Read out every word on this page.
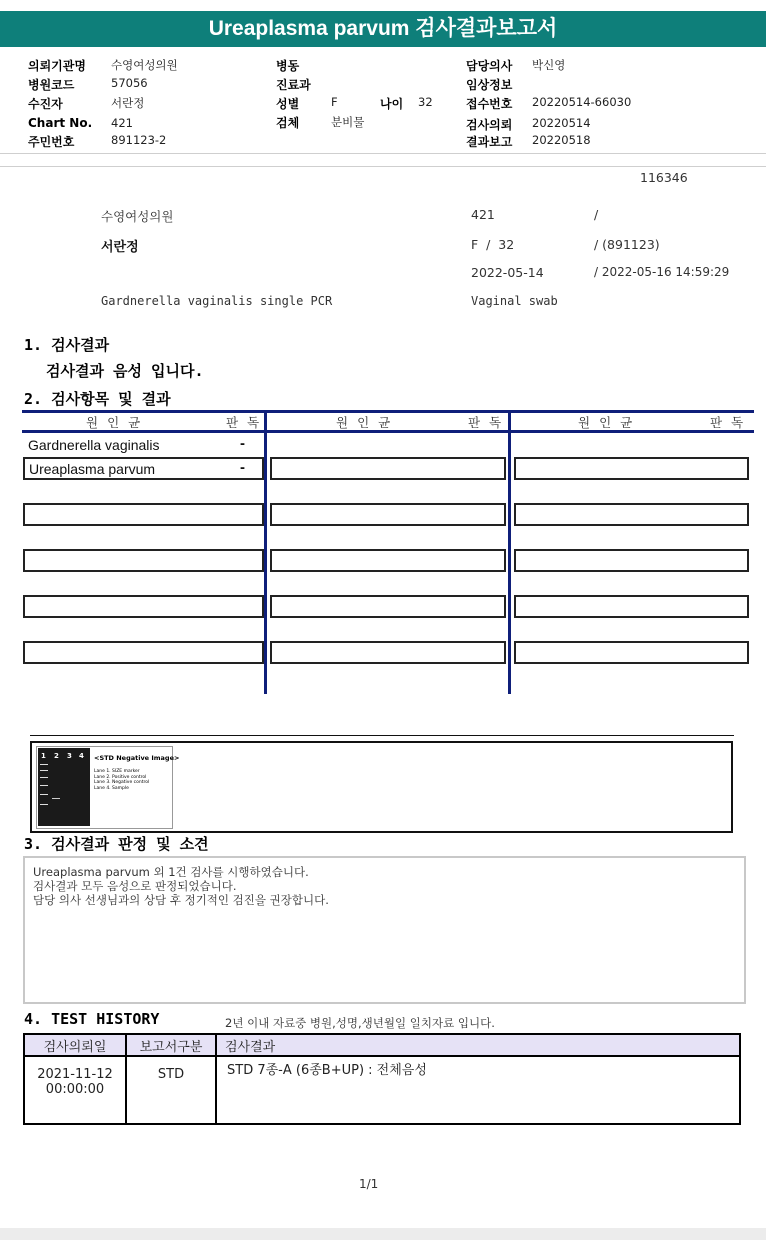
Ureaplasma parvum 검사결과보고서
의뢰기관명 수영여성의원
병원코드	57056
수진자	서란정
Chart No. 421
주민번호	891123-2
병동
진료과
성별	F	나이 32
검체	분비물
담당의사 박신영
임상정보
접수번호 20220514-66030
검사의뢰 20220514
결과보고 20220518
116346
수영여성의원	421	/
서란정	F  /  32	/ (891123)
2022-05-14	/ 2022-05-16 14:59:29
Gardnerella vaginalis single PCR	Vaginal swab
1. 검사결과
검사결과 음성 입니다.
2. 검사항목 및 결과
원인균	판독	원인균	판독	원인균	판독
Gardnerella vaginalis	-
Ureaplasma parvum	-
1 2 3 4 <STD Negative Image>
Lane 1. SIZE marker
Lane 2. Positive control
Lane 3. Negative control
Lane 4. Sample
3. 검사결과 판정 및 소견
Ureaplasma parvum 외 1건 검사를 시행하였습니다.
검사결과 모두 음성으로 판정되었습니다.
담당 의사 선생님과의 상담 후 정기적인 검진을 권장합니다.
4. TEST HISTORY	2년 이내 자료중 병원,성명,생년월일 일치자료 입니다.
검사의뢰일	보고서구분	검사결과

2021-11-12
00:00:00	STD	STD 7종-A (6종B+UP) : 전체음성
1/1
